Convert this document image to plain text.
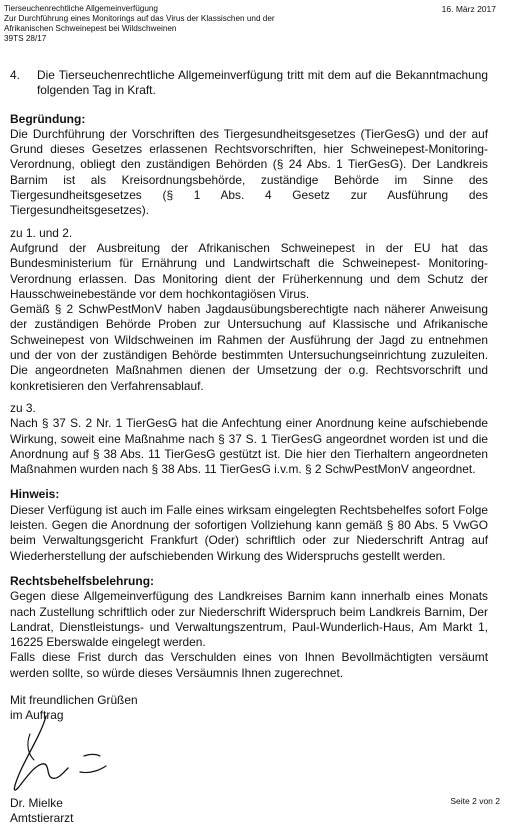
Tierseuchenrechtliche Allgemeinverfügung
Zur Durchführung eines Monitorings auf das Virus der Klassischen und der
Afrikanischen Schweinepest bei Wildschweinen
39TS 28/17
16. März 2017
4.	Die Tierseuchenrechtliche Allgemeinverfügung tritt mit dem auf die Bekanntmachung folgenden Tag in Kraft.
Begründung:

Die Durchführung der Vorschriften des Tiergesundheitsgesetzes (TierGesG) und der auf Grund dieses Gesetzes erlassenen Rechtsvorschriften, hier Schweinepest-Monitoring- Verordnung, obliegt den zuständigen Behörden (§ 24 Abs. 1 TierGesG). Der Landkreis Barnim ist als Kreisordnungsbehörde, zuständige Behörde im Sinne des Tiergesundheitsgesetzes (§ 1 Abs. 4 Gesetz zur Ausführung des Tiergesundheitsgesetzes).

zu 1. und 2.

Aufgrund der Ausbreitung der Afrikanischen Schweinepest in der EU hat das Bundesministerium für Ernährung und Landwirtschaft die Schweinepest- Monitoring-Verordnung erlassen. Das Monitoring dient der Früherkennung und dem Schutz der Hausschweinebestände vor dem hochkontagiösen Virus.

Gemäß § 2 SchwPestMonV haben Jagdausübungsberechtigte nach näherer Anweisung der zuständigen Behörde Proben zur Untersuchung auf Klassische und Afrikanische Schweinepest von Wildschweinen im Rahmen der Ausführung der Jagd zu entnehmen und der von der zuständigen Behörde bestimmten Untersuchungseinrichtung zuzuleiten. Die angeordneten Maßnahmen dienen der Umsetzung der o.g. Rechtsvorschrift und konkretisieren den Verfahrensablauf.

zu 3.

Nach § 37 S. 2 Nr. 1 TierGesG hat die Anfechtung einer Anordnung keine aufschiebende Wirkung, soweit eine Maßnahme nach § 37 S. 1 TierGesG angeordnet worden ist und die Anordnung auf § 38 Abs. 11 TierGesG gestützt ist. Die hier den Tierhaltern angeordneten Maßnahmen wurden nach § 38 Abs. 11 TierGesG i.v.m. § 2 SchwPestMonV angeordnet.

Hinweis:

Dieser Verfügung ist auch im Falle eines wirksam eingelegten Rechtsbehelfes sofort Folge leisten. Gegen die Anordnung der sofortigen Vollziehung kann gemäß § 80 Abs. 5 VwGO beim Verwaltungsgericht Frankfurt (Oder) schriftlich oder zur Niederschrift Antrag auf Wiederherstellung der aufschiebenden Wirkung des Widerspruchs gestellt werden.

Rechtsbehelfsbelehrung:

Gegen diese Allgemeinverfügung des Landkreises Barnim kann innerhalb eines Monats nach Zustellung schriftlich oder zur Niederschrift Widerspruch beim Landkreis Barnim, Der Landrat, Dienstleistungs- und Verwaltungszentrum, Paul-Wunderlich-Haus, Am Markt 1, 16225 Eberswalde eingelegt werden.

Falls diese Frist durch das Verschulden eines von Ihnen Bevollmächtigten versäumt werden sollte, so würde dieses Versäumnis Ihnen zugerechnet.

Mit freundlichen Grüßen
im Auftrag
Dr. Mielke
Amtstierarzt
Seite 2 von 2
